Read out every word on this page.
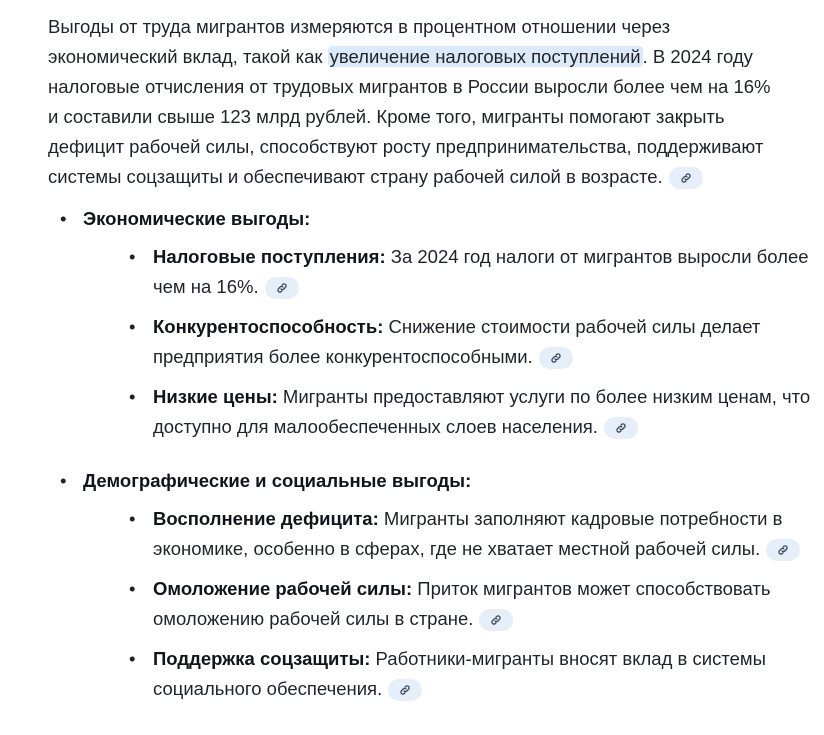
Выгоды от труда мигрантов измеряются в процентном отношении через
экономический вклад, такой как увеличение налоговых поступлений . В 2024 году
налоговые отчисления от трудовых мигрантов в России выросли более чем на 16%
и составили свыше 123 млрд рублей. Кроме того, мигранты помогают закрыть
дефицит рабочей силы, способствуют росту предпринимательства, поддерживают
системы соцзащиты и обеспечивают страну рабочей силой в возрасте.

• Экономические выгоды:
• Налоговые поступления: За 2024 год налоги от мигрантов выросли более
чем на 16%.
• Конкурентоспособность: Снижение стоимости рабочей силы делает
предприятия более конкурентоспособными.
• Низкие цены: Мигранты предоставляют услуги по более низким ценам, что
доступно для малообеспеченных слоев населения.
• Демографические и социальные выгоды:
• Восполнение дефицита: Мигранты заполняют кадровые потребности в
экономике, особенно в сферах, где не хватает местной рабочей силы.
• Омоложение рабочей силы: Приток мигрантов может способствовать
омоложению рабочей силы в стране.
• Поддержка соцзащиты: Работники-мигранты вносят вклад в системы
социального обеспечения.
